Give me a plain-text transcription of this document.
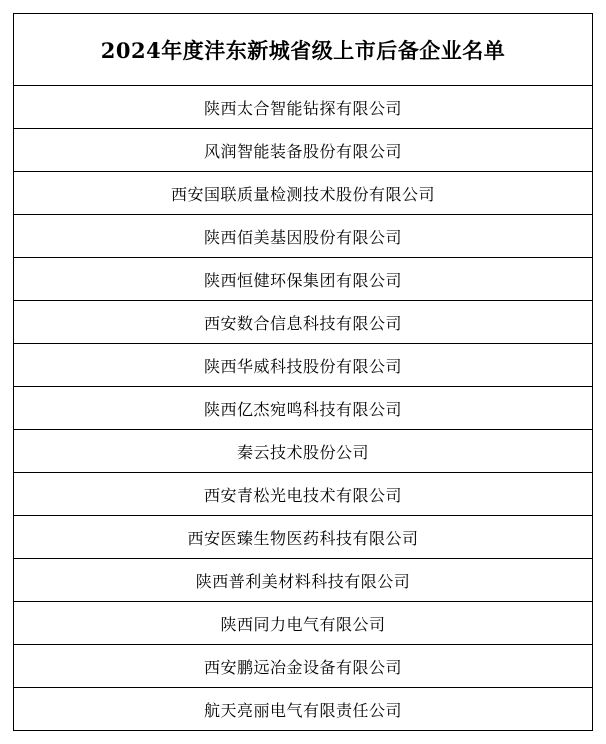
2024年度沣东新城省级上市后备企业名单
陕西太合智能钻探有限公司
风润智能装备股份有限公司
西安国联质量检测技术股份有限公司
陕西佰美基因股份有限公司
陕西恒健环保集团有限公司
西安数合信息科技有限公司
陕西华威科技股份有限公司
陕西亿杰宛鸣科技有限公司
秦云技术股份公司
西安青松光电技术有限公司
西安医臻生物医药科技有限公司
陕西普利美材料科技有限公司
陕西同力电气有限公司
西安鹏远冶金设备有限公司
航天亮丽电气有限责任公司
